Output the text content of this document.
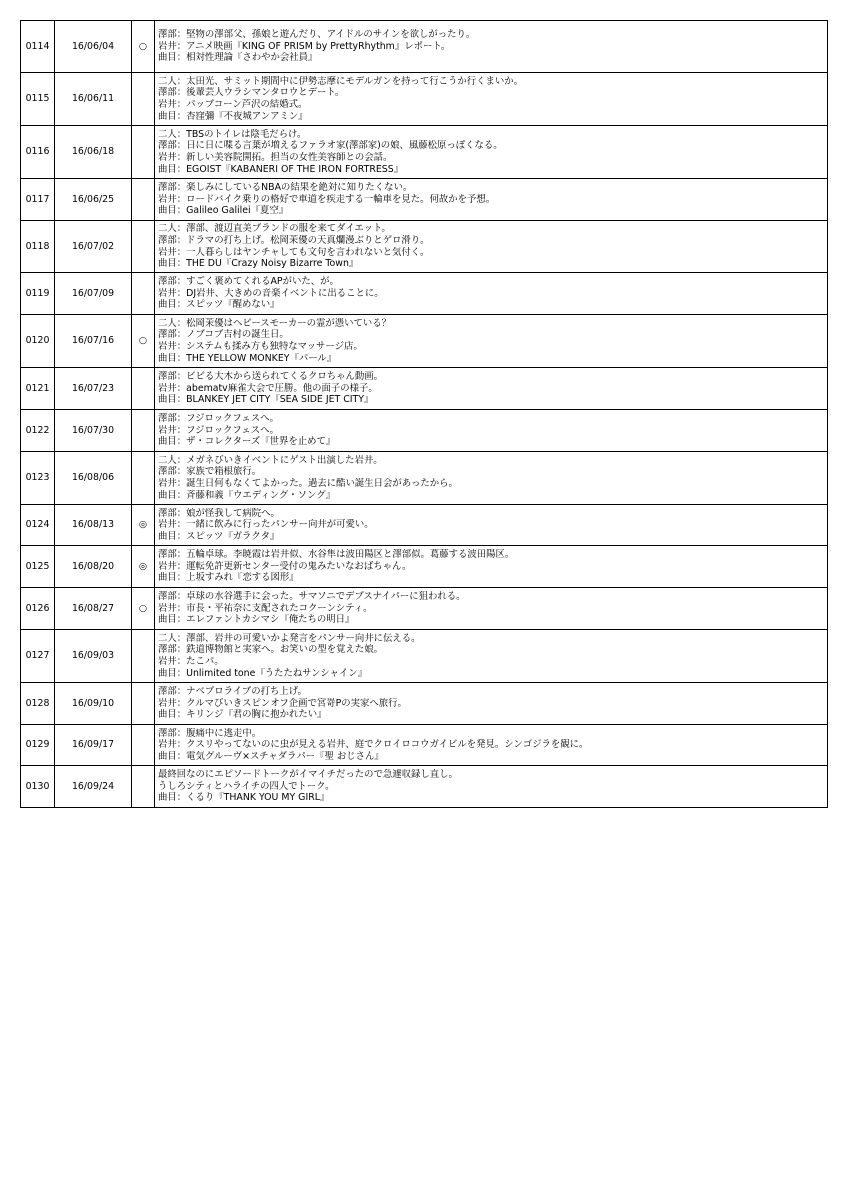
0114	16/06/04	○	澤部：堅物の澤部父、孫娘と遊んだり、アイドルのサインを欲しがったり。
岩井：アニメ映画『KING OF PRISM by PrettyRhythm』レポート。
曲目：相対性理論『さわやか会社員』

0115	16/06/11		二人：太田光、サミット期間中に伊勢志摩にモデルガンを持って行こうか行くまいか。
澤部：後輩芸人ウラシマンタロウとデート。
岩井：パップコーン芦沢の結婚式。
曲目：杏窪彌『不夜城アンアミン』

0116	16/06/18		二人：TBSのトイレは陰毛だらけ。
澤部：日に日に喋る言葉が増えるファラオ家(澤部家)の娘、風藤松原っぽくなる。
岩井：新しい美容院開拓。担当の女性美容師との会話。
曲目：EGOIST『KABANERI OF THE IRON FORTRESS』

0117	16/06/25		澤部：楽しみにしているNBAの結果を絶対に知りたくない。
岩井：ロードバイク乗りの格好で車道を疾走する一輪車を見た。何故かを予想。
曲目：Galileo Galilei『夏空』

0118	16/07/02		二人：澤部、渡辺直美ブランドの服を来てダイエット。
澤部：ドラマの打ち上げ。松岡茉優の天真爛漫ぶりとゲロ滑り。
岩井：一人暮らしはヤンチャしても文句を言われないと気付く。
曲目：THE DU『Crazy Noisy Bizarre Town』

0119	16/07/09		澤部：すごく褒めてくれるAPがいた、が。
岩井：DJ岩井、大きめの音楽イベントに出ることに。
曲目：スピッツ『醒めない』

0120	16/07/16	○	二人：松岡茉優はヘビースモーカーの霊が憑いている？
澤部：ノブコブ吉村の誕生日。
岩井：システムも揉み方も独特なマッサージ店。
曲目：THE YELLOW MONKEY『パール』

0121	16/07/23		澤部：ビビる大木から送られてくるクロちゃん動画。
岩井：abematv麻雀大会で圧勝。他の面子の様子。
曲目：BLANKEY JET CITY『SEA SIDE JET CITY』

0122	16/07/30		澤部：フジロックフェスへ。
岩井：フジロックフェスへ。
曲目：ザ・コレクターズ『世界を止めて』

0123	16/08/06		二人：メガネびいきイベントにゲスト出演した岩井。
澤部：家族で箱根旅行。
岩井：誕生日何もなくてよかった。過去に酷い誕生日会があったから。
曲目：斉藤和義『ウエディング・ソング』

0124	16/08/13	◎	澤部：娘が怪我して病院へ。
岩井：一緒に飲みに行ったパンサー向井が可愛い。
曲目：スピッツ『ガラクタ』

0125	16/08/20	◎	澤部：五輪卓球。李暁霞は岩井似、水谷隼は波田陽区と澤部似。葛藤する波田陽区。
岩井：運転免許更新センター受付の鬼みたいなおばちゃん。
曲目：上坂すみれ『恋する図形』

0126	16/08/27	○	澤部：卓球の水谷選手に会った。サマソニでデブスナイパーに狙われる。
岩井：市長・平祐奈に支配されたコクーンシティ。
曲目：エレファントカシマシ『俺たちの明日』

0127	16/09/03		二人：澤部、岩井の可愛いかよ発言をパンサー向井に伝える。
澤部：鉄道博物館と実家へ。お笑いの型を覚えた娘。
岩井：たこパ。
曲目：Unlimited tone『うたたねサンシャイン』

0128	16/09/10		澤部：ナベプロライブの打ち上げ。
岩井：クルマびいきスピンオフ企画で宮嵜Pの実家へ旅行。
曲目：キリンジ『君の胸に抱かれたい』

0129	16/09/17		澤部：腹痛中に逃走中。
岩井：クスリやってないのに虫が見える岩井、庭でクロイロコウガイビルを発見。シンゴジラを観に。
曲目：電気グルーヴ×スチャダラパー『聖 おじさん』

0130	16/09/24		最終回なのにエピソードトークがイマイチだったので急遽収録し直し。
うしろシティとハライチの四人でトーク。
曲目：くるり『THANK YOU MY GIRL』
